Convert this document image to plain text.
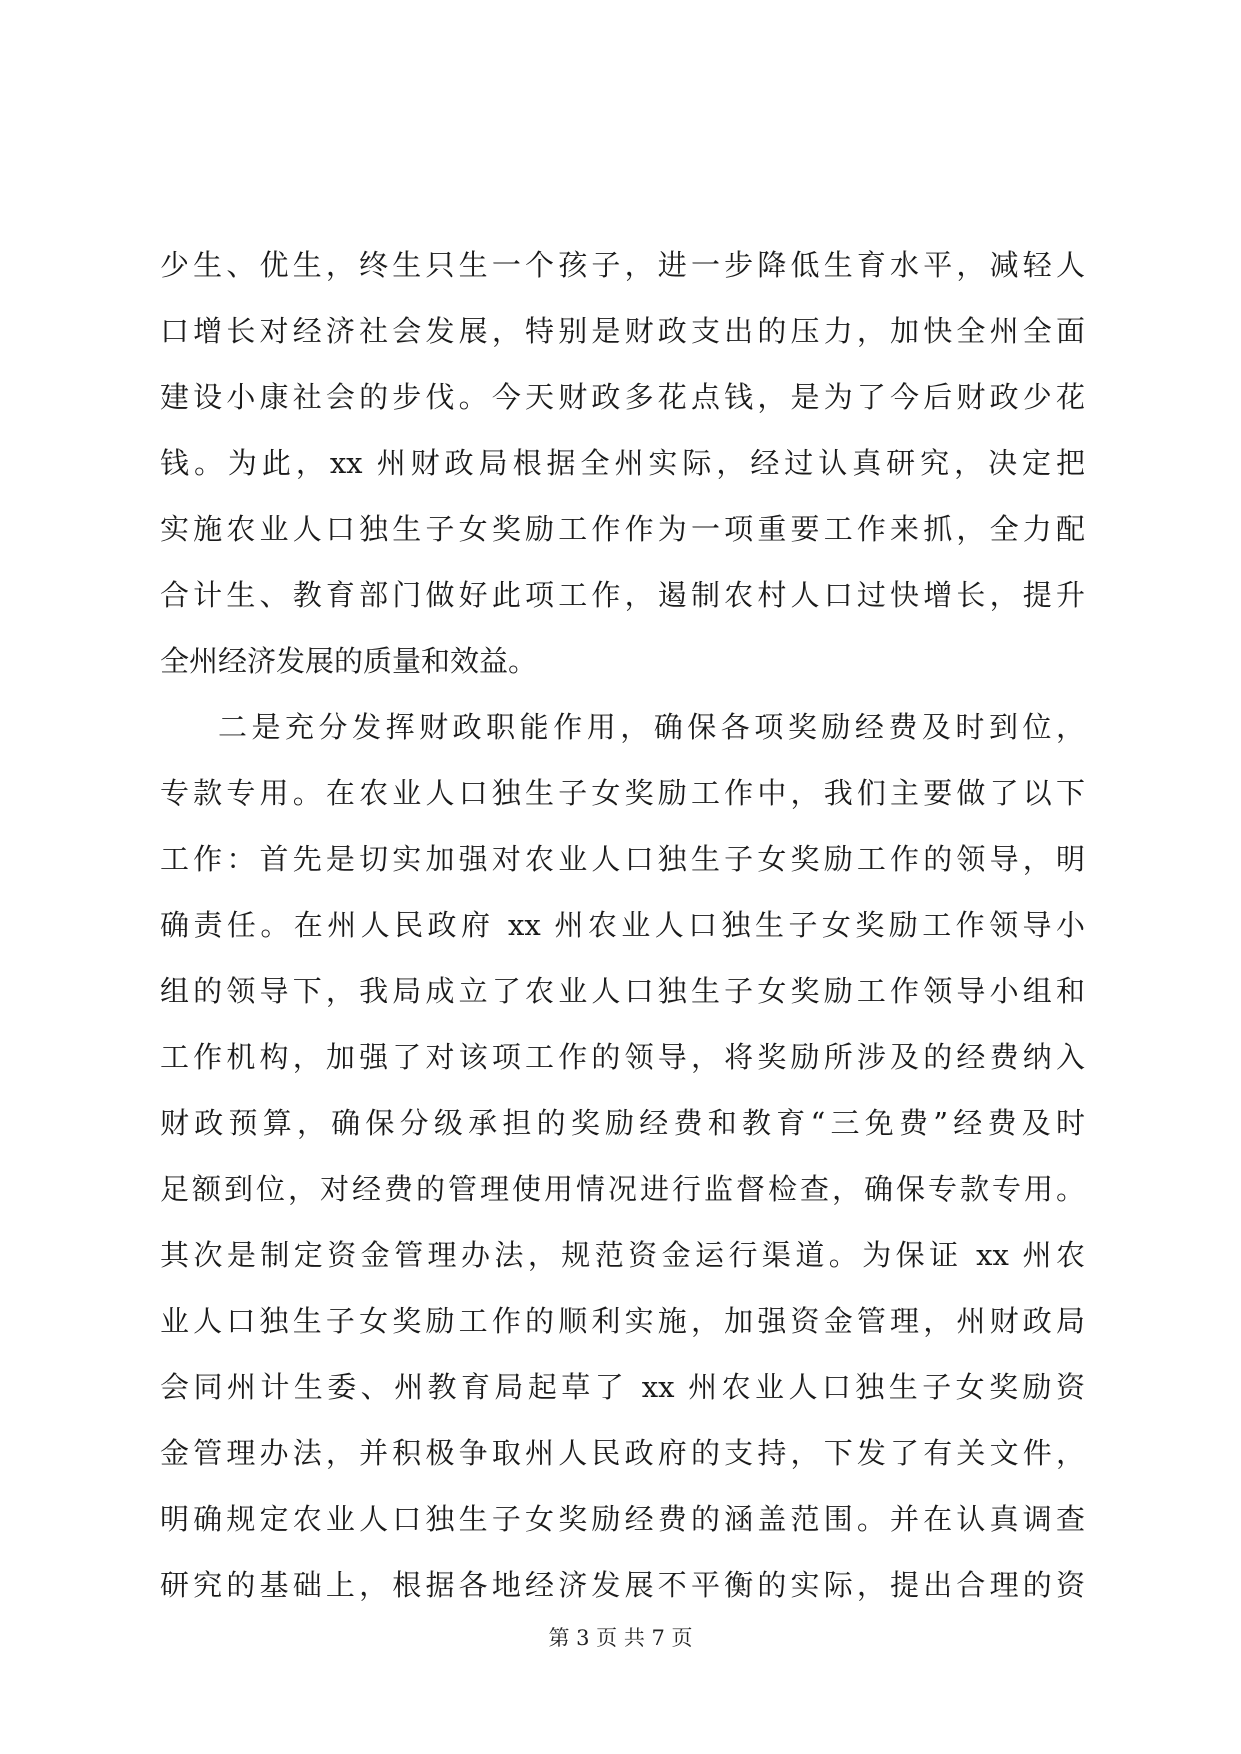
少生、优生，终生只生一个孩子，进一步降低生育水平，减轻人
口增长对经济社会发展，特别是财政支出的压力，加快全州全面
建设小康社会的步伐。今天财政多花点钱，是为了今后财政少花
钱。为此，xx 州财政局根据全州实际，经过认真研究，决定把
实施农业人口独生子女奖励工作作为一项重要工作来抓，全力配
合计生、教育部门做好此项工作，遏制农村人口过快增长，提升
全州经济发展的质量和效益。
二是充分发挥财政职能作用，确保各项奖励经费及时到位，
专款专用。在农业人口独生子女奖励工作中，我们主要做了以下
工作：首先是切实加强对农业人口独生子女奖励工作的领导，明
确责任。在州人民政府 xx 州农业人口独生子女奖励工作领导小
组的领导下，我局成立了农业人口独生子女奖励工作领导小组和
工作机构，加强了对该项工作的领导，将奖励所涉及的经费纳入
财政预算，确保分级承担的奖励经费和教育“三免费”经费及时
足额到位，对经费的管理使用情况进行监督检查，确保专款专用。
其次是制定资金管理办法，规范资金运行渠道。为保证 xx 州农
业人口独生子女奖励工作的顺利实施，加强资金管理，州财政局
会同州计生委、州教育局起草了 xx 州农业人口独生子女奖励资
金管理办法，并积极争取州人民政府的支持，下发了有关文件，
明确规定农业人口独生子女奖励经费的涵盖范围。并在认真调查
研究的基础上，根据各地经济发展不平衡的实际，提出合理的资
第 3 页 共 7 页
